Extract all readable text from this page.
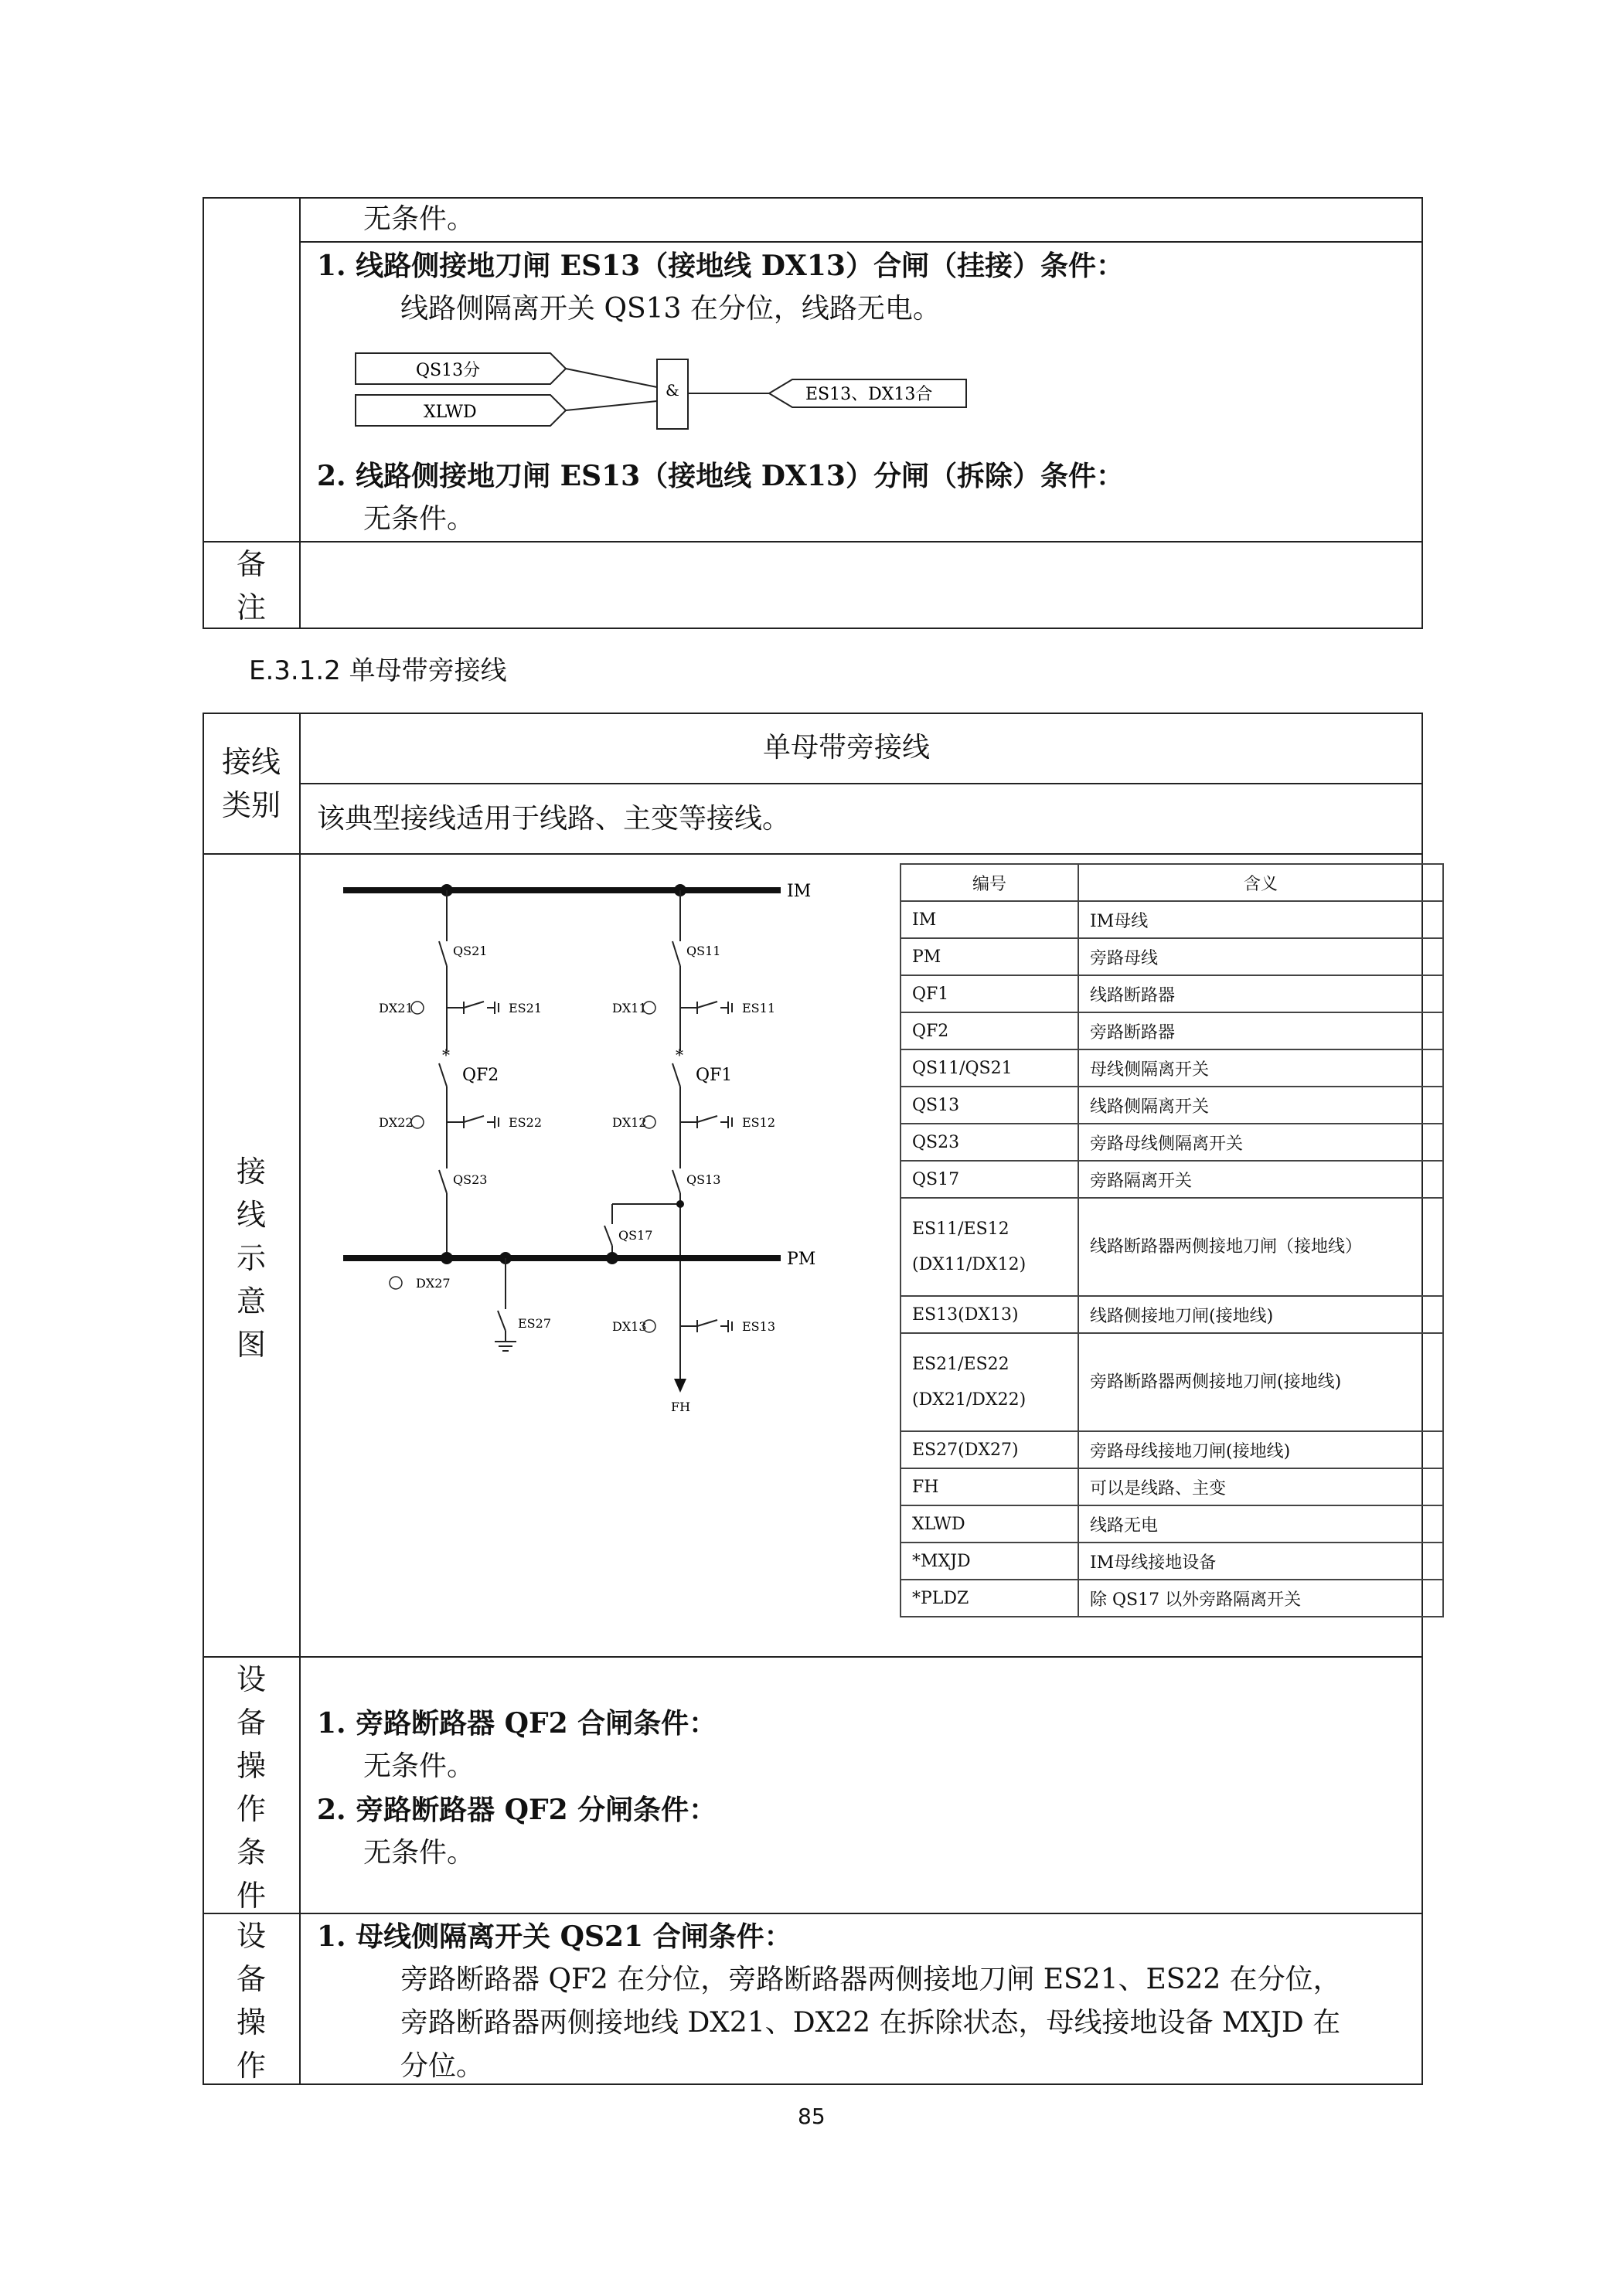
无条件。
1. 线路侧接地刀闸 ES13（接地线 DX13）合闸（挂接）条件：
线路侧隔离开关 QS13 在分位，线路无电。
QS13分
XLWD
&	ES13、DX13合
2. 线路侧接地刀闸 ES13（接地线 DX13）分闸（拆除）条件：
无条件。
备
注
E.3.1.2 单母带旁接线
接线
类别
单母带旁接线
该典型接线适用于线路、主变等接线。
接
线
示
意
图
ⅠM
QS21
DX21	ES21
*
QF2
DX22	ES22
QS23
QS11
DX11	ES11
*
QF1
DX12	ES12
QS13
FH
QS17
PM
DX27
ES27	DX13	ES13
编号	含义
ⅠM	ⅠM母线
PM	旁路母线
QF1	线路断路器
QF2	旁路断路器
QS11/QS21	母线侧隔离开关
QS13	线路侧隔离开关
QS23	旁路母线侧隔离开关
QS17	旁路隔离开关
ES11/ES12
(DX11/DX12)	线路断路器两侧接地刀闸（接地线）
ES13(DX13)	线路侧接地刀闸(接地线)
ES21/ES22
(DX21/DX22)	旁路断路器两侧接地刀闸(接地线)
ES27(DX27)	旁路母线接地刀闸(接地线)
FH	可以是线路、主变
XLWD	线路无电
*MXJD	ⅠM母线接地设备
*PLDZ	除 QS17 以外旁路隔离开关
设
备
操
作
条
件
1. 旁路断路器 QF2 合闸条件：
无条件。
2. 旁路断路器 QF2 分闸条件：
无条件。
设
备
操
作
1. 母线侧隔离开关 QS21 合闸条件：
旁路断路器 QF2 在分位，旁路断路器两侧接地刀闸 ES21、ES22 在分位，
旁路断路器两侧接地线 DX21、DX22 在拆除状态，母线接地设备 MXJD 在
分位。
85
